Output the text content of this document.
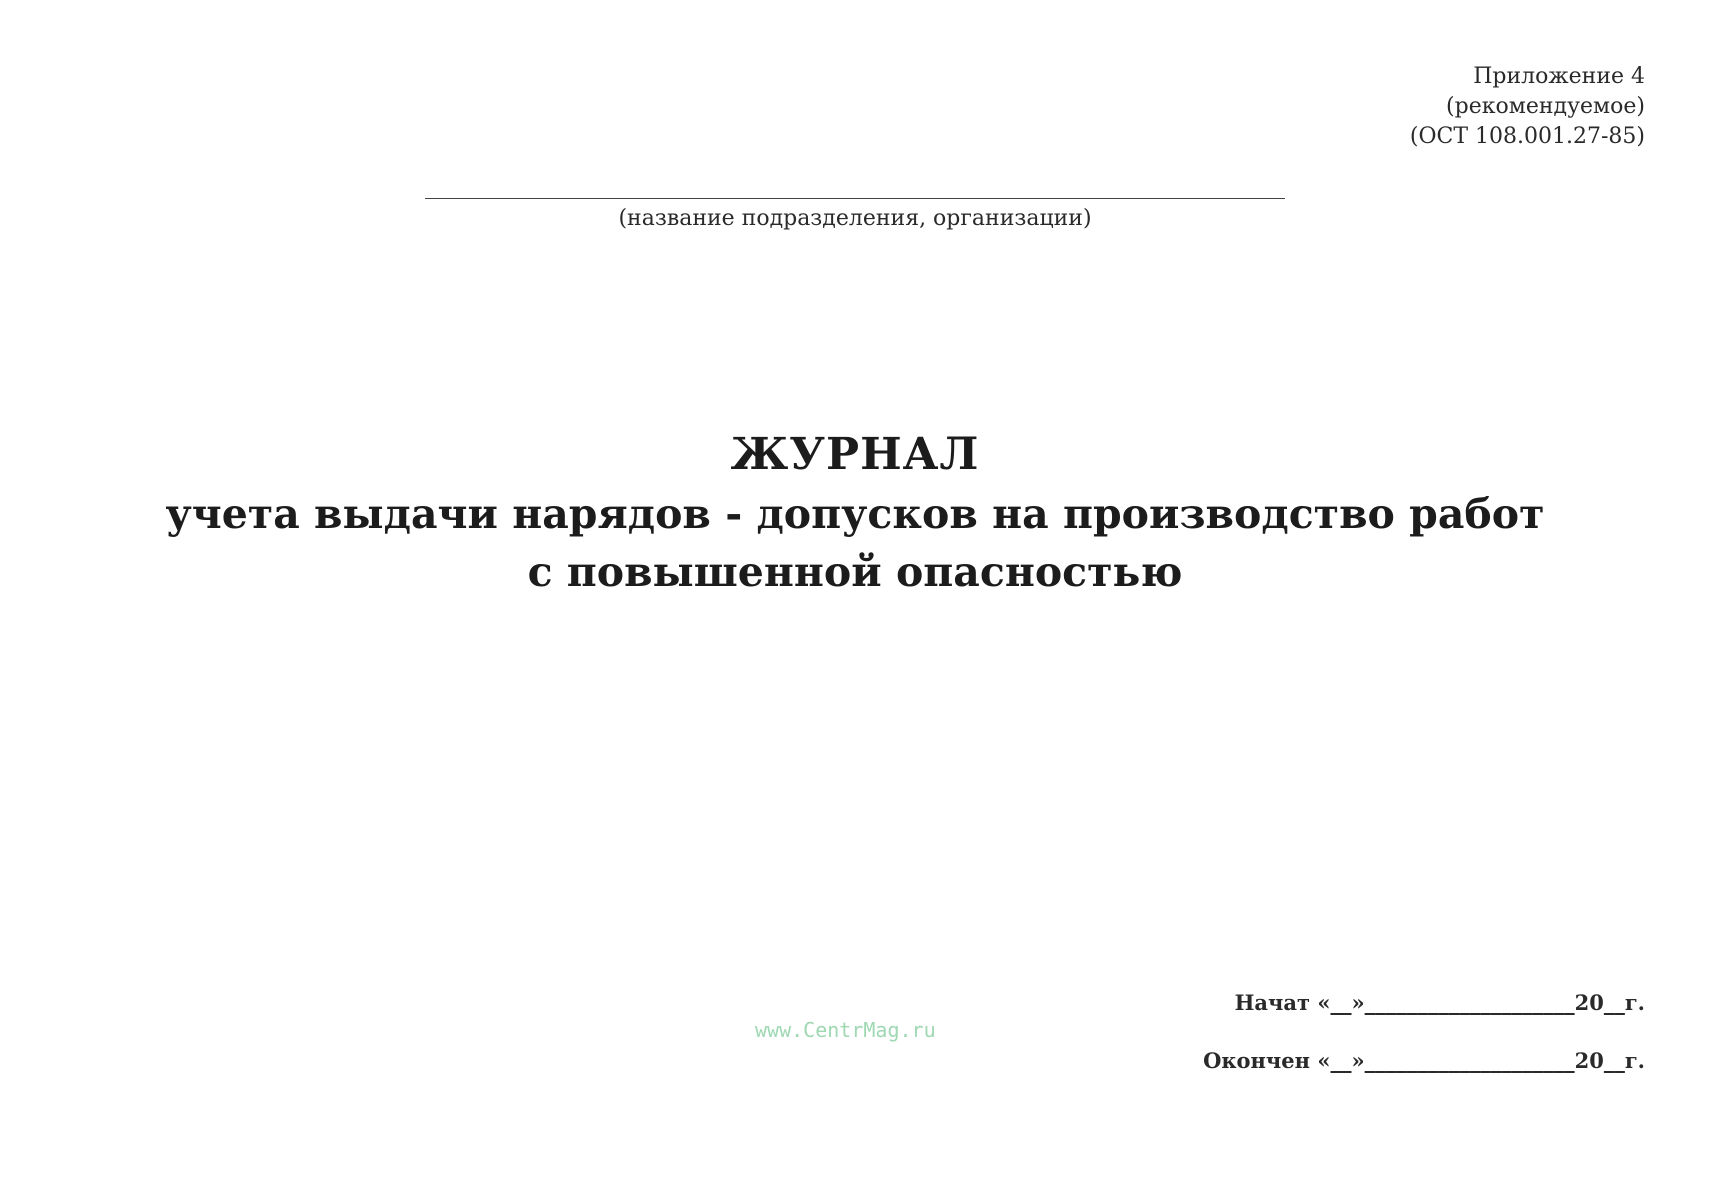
Приложение 4
(рекомендуемое)
(ОСТ 108.001.27-85)
(название подразделения, организации)
ЖУРНАЛ
учета выдачи нарядов - допусков на производство работ
с повышенной опасностью
www.CentrMag.ru
Начат «__»____________________20__г.
Окончен «__»____________________20__г.
